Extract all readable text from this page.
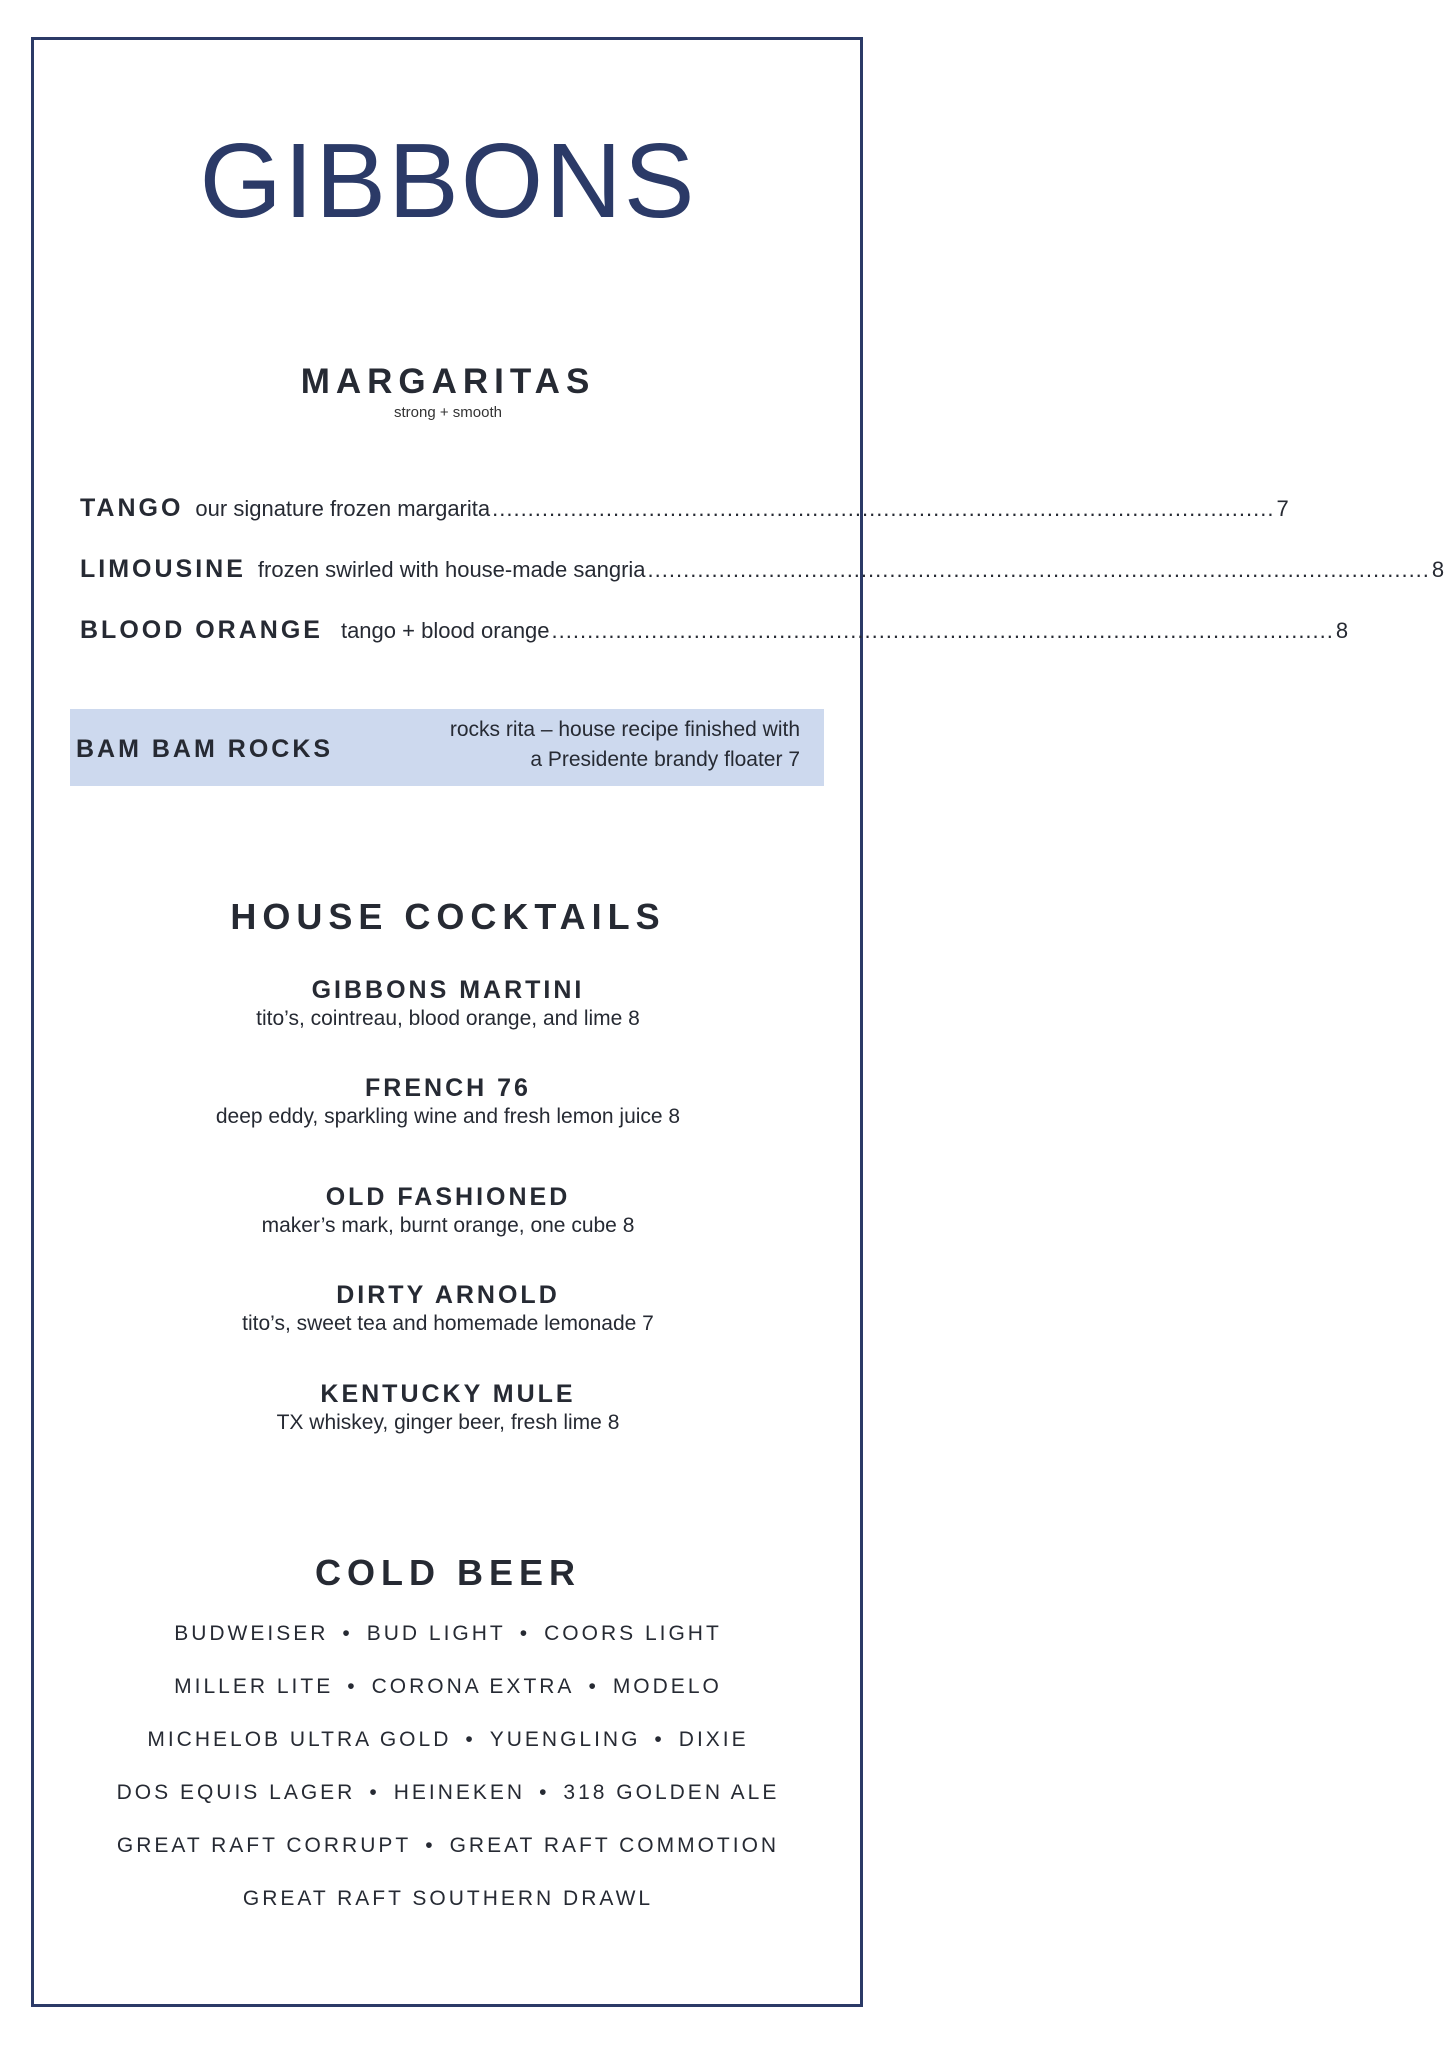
GIBBONS
MARGARITAS
strong + smooth
TANGO our signature frozen margarita .............................................................................................................. 7
LIMOUSINE frozen swirled with house-made sangria .............................................................................................................. 8
BLOOD ORANGE tango + blood orange .............................................................................................................. 8
BAM BAM ROCKS
rocks rita – house recipe finished with
a Presidente brandy floater 7
HOUSE COCKTAILS
GIBBONS MARTINI
tito’s, cointreau, blood orange, and lime 8
FRENCH 76
deep eddy, sparkling wine and fresh lemon juice 8
OLD FASHIONED
maker’s mark, burnt orange, one cube 8
DIRTY ARNOLD
tito’s, sweet tea and homemade lemonade 7
KENTUCKY MULE
TX whiskey, ginger beer, fresh lime 8
COLD BEER
BUDWEISER • BUD LIGHT • COORS LIGHT
MILLER LITE • CORONA EXTRA • MODELO
MICHELOB ULTRA GOLD • YUENGLING • DIXIE
DOS EQUIS LAGER • HEINEKEN • 318 GOLDEN ALE
GREAT RAFT CORRUPT • GREAT RAFT COMMOTION
GREAT RAFT SOUTHERN DRAWL
